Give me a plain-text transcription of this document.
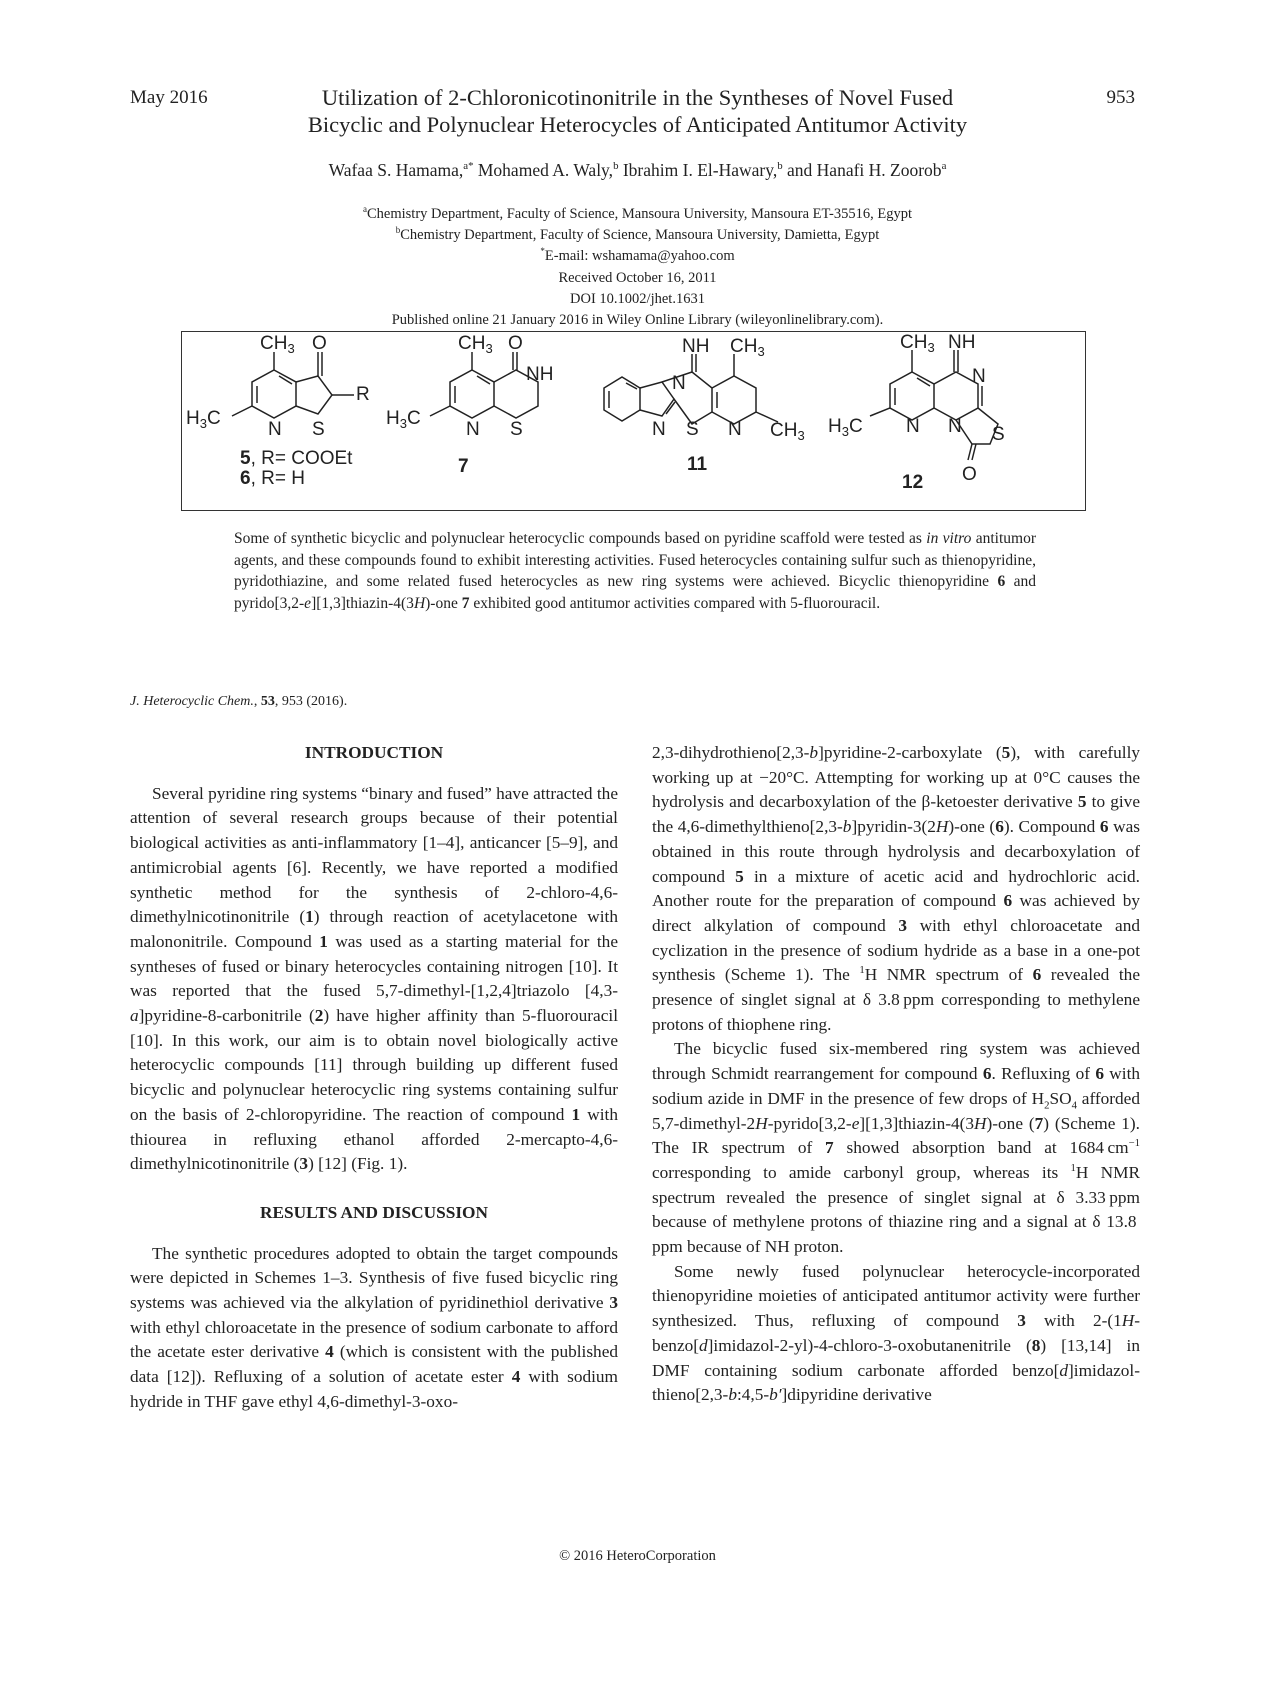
May 2016	953
Utilization of 2-Chloronicotinonitrile in the Syntheses of Novel Fused
Bicyclic and Polynuclear Heterocycles of Anticipated Antitumor Activity
Wafaa S. Hamama,$^{a*}$ Mohamed A. Waly,$^b$ Ibrahim I. El-Hawary,$^b$ and Hanafi H. Zoorob$^a$
$^a$Chemistry Department, Faculty of Science, Mansoura University, Mansoura ET-35516, Egypt
$^b$Chemistry Department, Faculty of Science, Mansoura University, Damietta, Egypt
*E-mail: wshamama@yahoo.com
Received October 16, 2011
DOI 10.1002/jhet.1631
Published online 21 January 2016 in Wiley Online Library (wileyonlinelibrary.com).
$CH_3$ O
R
N S
$H_3C$
5, R= COOEt
6, R= H
$CH_3$ O
NH
N S
$H_3C$
7
NH $CH_3$
N
N S N $CH_3$
11
$CH_3$ NH
N
N N S
$H_3C$
O
12
Some of synthetic bicyclic and polynuclear heterocyclic compounds based on pyridine scaffold were tested as in vitro antitumor agents, and these compounds found to exhibit interesting activities. Fused heterocycles containing sulfur such as thienopyridine, pyridothiazine, and some related fused heterocycles as new ring systems were achieved. Bicyclic thienopyridine 6 and pyrido[3,2-e][1,3]thiazin-4(3H)-one 7 exhibited good antitumor activities compared with 5-fluorouracil.
J. Heterocyclic Chem., 53, 953 (2016).
INTRODUCTION

Several pyridine ring systems “binary and fused” have attracted the attention of several research groups because of their potential biological activities as anti-inflammatory [1–4], anticancer [5–9], and antimicrobial agents [6]. Recently, we have reported a modified synthetic method for the synthesis of 2-chloro-4,6-dimethylnicotinonitrile (1) through reaction of acetylacetone with malononitrile. Compound 1 was used as a starting material for the syntheses of fused or binary heterocycles containing nitrogen [10]. It was reported that the fused 5,7-dimethyl-[1,2,4]triazolo [4,3-a]pyridine-8-carbonitrile (2) have higher affinity than 5-fluorouracil [10]. In this work, our aim is to obtain novel biologically active heterocyclic compounds [11] through building up different fused bicyclic and polynuclear heterocyclic ring systems containing sulfur on the basis of 2-chloropyridine. The reaction of compound 1 with thiourea in refluxing ethanol afforded 2-mercapto-4,6-dimethylnicotinonitrile (3) [12] (Fig. 1).

RESULTS AND DISCUSSION

The synthetic procedures adopted to obtain the target compounds were depicted in Schemes 1–3. Synthesis of five fused bicyclic ring systems was achieved via the alkylation of pyridinethiol derivative 3 with ethyl chloroacetate in the presence of sodium carbonate to afford the acetate ester derivative 4 (which is consistent with the published data [12]). Refluxing of a solution of acetate ester 4 with sodium hydride in THF gave ethyl 4,6-dimethyl-3-oxo-

2,3-dihydrothieno[2,3-b]pyridine-2-carboxylate (5), with carefully working up at −20°C. Attempting for working up at 0°C causes the hydrolysis and decarboxylation of the β-ketoester derivative 5 to give the 4,6-dimethylthieno[2,3-b]pyridin-3(2H)-one (6). Compound 6 was obtained in this route through hydrolysis and decarboxylation of compound 5 in a mixture of acetic acid and hydrochloric acid. Another route for the preparation of compound 6 was achieved by direct alkylation of compound 3 with ethyl chloroacetate and cyclization in the presence of sodium hydride as a base in a one-pot synthesis (Scheme 1). The $^1$H NMR spectrum of 6 revealed the presence of singlet signal at δ 3.8 ppm corresponding to methylene protons of thiophene ring.

The bicyclic fused six-membered ring system was achieved through Schmidt rearrangement for compound 6. Refluxing of 6 with sodium azide in DMF in the presence of few drops of $H_2SO_4$ afforded 5,7-dimethyl-2H-pyrido[3,2-e][1,3]thiazin-4(3H)-one (7) (Scheme 1). The IR spectrum of 7 showed absorption band at 1684 $cm^{-1}$ corresponding to amide carbonyl group, whereas its $^1$H NMR spectrum revealed the presence of singlet signal at δ 3.33 ppm because of methylene protons of thiazine ring and a signal at δ 13.8 ppm because of NH proton.

Some newly fused polynuclear heterocycle-incorporated thienopyridine moieties of anticipated antitumor activity were further synthesized. Thus, refluxing of compound 3 with 2-(1H-benzo[d]imidazol-2-yl)-4-chloro-3-oxobutanenitrile (8) [13,14] in DMF containing sodium carbonate afforded benzo[d]imidazol-thieno[2,3-b:4,5-b′]dipyridine derivative

© 2016 HeteroCorporation
